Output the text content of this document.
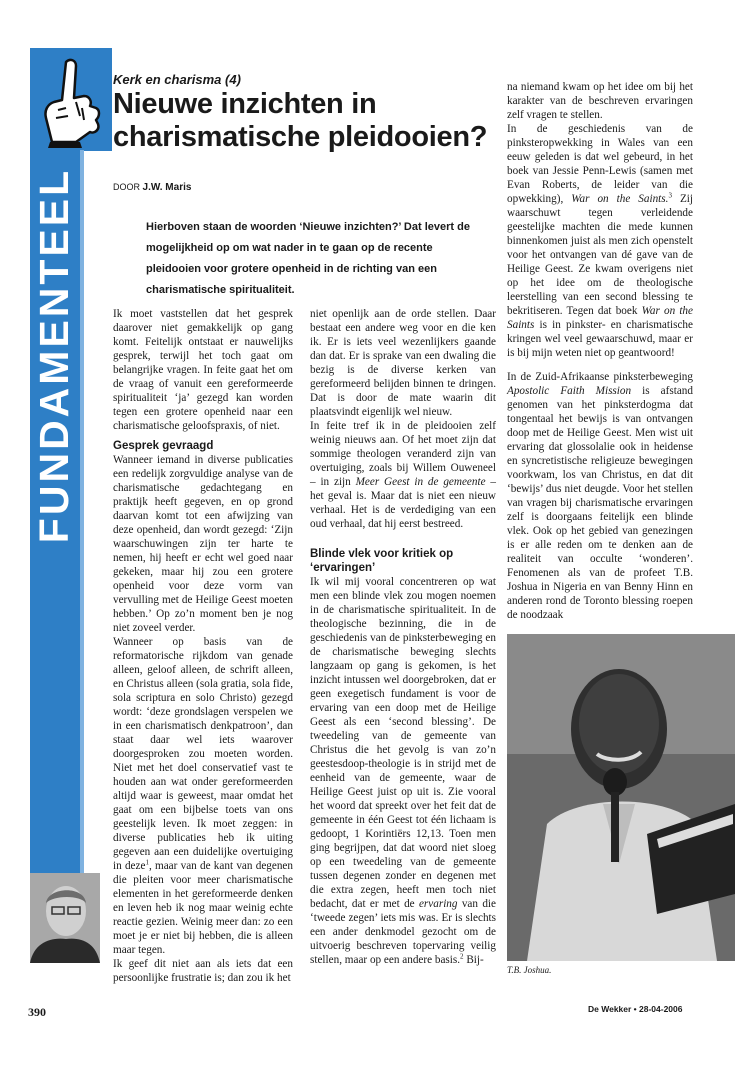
FUNDAMENTEEL
Kerk en charisma (4)
Nieuwe inzichten in charismatische pleidooien?
DOOR J.W. Maris
Hierboven staan de woorden ‘Nieuwe inzichten?’ Dat levert de mogelijkheid op om wat nader in te gaan op de recente pleidooien voor grotere openheid in de richting van een charismatische spiritualiteit.

Ik moet vaststellen dat het gesprek daarover niet gemakkelijk op gang komt. Feitelijk ontstaat er nauwelijks gesprek, terwijl het toch gaat om belangrijke vragen. In feite gaat het om de vraag of vanuit een gereformeerde spiritualiteit ‘ja’ gezegd kan worden tegen een grotere openheid naar een charismatische geloofspraxis, of niet.

Gesprek gevraagd

Wanneer iemand in diverse publicaties een redelijk zorgvuldige analyse van de charismatische gedachtegang en praktijk heeft gegeven, en op grond daarvan komt tot een afwijzing van deze openheid, dan wordt gezegd: ‘Zijn waarschuwingen zijn ter harte te nemen, hij heeft er echt wel goed naar gekeken, maar hij zou een grotere openheid voor deze vorm van vervulling met de Heilige Geest moeten hebben.’ Op zo’n moment ben je nog niet zoveel verder.

Wanneer op basis van de reformatorische rijkdom van genade alleen, geloof alleen, de schrift alleen, en Christus alleen (sola gratia, sola fide, sola scriptura en solo Christo) gezegd wordt: ‘deze grondslagen verspelen we in een charismatisch denkpatroon’, dan staat daar wel iets waarover doorgesproken zou moeten worden. Niet met het doel conservatief vast te houden aan wat onder gereformeerden altijd waar is geweest, maar omdat het gaat om een bijbelse toets van ons geestelijk leven. Ik moet zeggen: in diverse publicaties heb ik uiting gegeven aan een duidelijke overtuiging in deze$^1$, maar van de kant van degenen die pleiten voor meer charismatische elementen in het gereformeerde denken en leven heb ik nog maar weinig echte reactie gezien. Weinig meer dan: zo een moet je er niet bij hebben, die is alleen maar tegen.

Ik geef dit niet aan als iets dat een persoonlijke frustratie is; dan zou ik het

niet openlijk aan de orde stellen. Daar bestaat een andere weg voor en die ken ik. Er is iets veel wezenlijkers gaande dan dat. Er is sprake van een dwaling die bezig is de diverse kerken van gereformeerd belijden binnen te dringen. Dat is door de mate waarin dit plaatsvindt eigenlijk wel nieuw.

In feite tref ik in de pleidooien zelf weinig nieuws aan. Of het moet zijn dat sommige theologen veranderd zijn van overtuiging, zoals bij Willem Ouweneel – in zijn Meer Geest in de gemeente – het geval is. Maar dat is niet een nieuw verhaal. Het is de verdediging van een oud verhaal, dat hij eerst bestreed.

Blinde vlek voor kritiek op ‘ervaringen’

Ik wil mij vooral concentreren op wat men een blinde vlek zou mogen noemen in de charismatische spiritualiteit. In de theologische bezinning, die in de geschiedenis van de pinksterbeweging en de charismatische beweging slechts langzaam op gang is gekomen, is het inzicht intussen wel doorgebroken, dat er geen exegetisch fundament is voor de ervaring van een doop met de Heilige Geest als een ‘second blessing’. De tweedeling van de gemeente van Christus die het gevolg is van zo’n geestesdoop-theologie is in strijd met de eenheid van de gemeente, waar de Heilige Geest juist op uit is. Zie vooral het woord dat spreekt over het feit dat de gemeente in één Geest tot één lichaam is gedoopt, 1 Korintiërs 12,13. Toen men ging begrijpen, dat dat woord niet sloeg op een tweedeling van de gemeente tussen degenen zonder en degenen met die extra zegen, heeft men toch niet bedacht, dat er met de ervaring van die ‘tweede zegen’ iets mis was. Er is slechts een ander denkmodel gezocht om de uitvoerig beschreven topervaring veilig stellen, maar op een andere basis.$^2$ Bij-

na niemand kwam op het idee om bij het karakter van de beschreven ervaringen zelf vragen te stellen.

In de geschiedenis van de pinksteropwekking in Wales van een eeuw geleden is dat wel gebeurd, in het boek van Jessie Penn-Lewis (samen met Evan Roberts, de leider van die opwekking), War on the Saints.$^3$ Zij waarschuwt tegen verleidende geestelijke machten die mede kunnen binnenkomen juist als men zich openstelt voor het ontvangen van dé gave van de Heilige Geest. Ze kwam overigens niet op het idee om de theologische leerstelling van een second blessing te bekritiseren. Tegen dat boek War on the Saints is in pinkster- en charismatische kringen wel veel gewaarschuwd, maar er is bij mijn weten niet op geantwoord!

In de Zuid-Afrikaanse pinksterbeweging Apostolic Faith Mission is afstand genomen van het pinksterdogma dat tongentaal het bewijs is van ontvangen doop met de Heilige Geest. Men wist uit ervaring dat glossolalie ook in heidense en syncretistische religieuze bewegingen voorkwam, los van Christus, en dat dit ‘bewijs’ dus niet deugde. Voor het stellen van vragen bij charismatische ervaringen zelf is doorgaans feitelijk een blinde vlek. Ook op het gebied van genezingen is er alle reden om te denken aan de realiteit van occulte ‘wonderen’. Fenomenen als van de profeet T.B. Joshua in Nigeria en van Benny Hinn en anderen rond de Toronto blessing roepen de noodzaak

T.B. Joshua.
390	De Wekker • 28-04-2006
